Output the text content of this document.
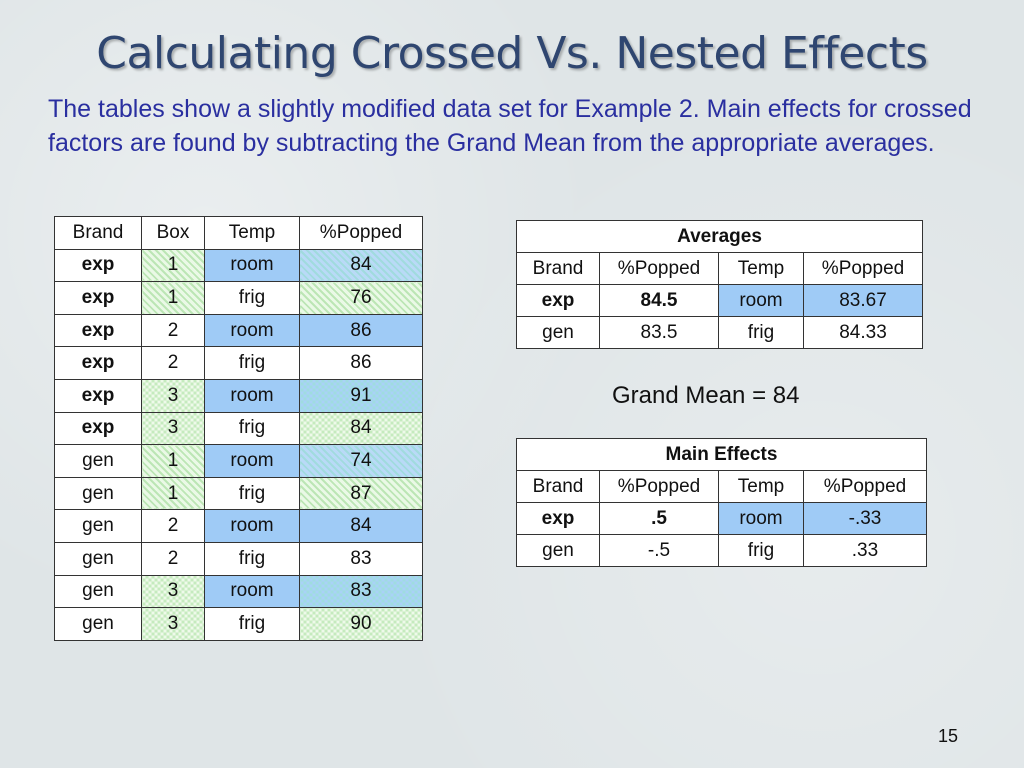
Calculating Crossed Vs. Nested Effects
The tables show a slightly modified data set for Example 2. Main effects for crossed factors are found by subtracting the Grand Mean from the appropriate averages.
Brand	Box	Temp	%Popped
exp	1	room	84
exp	1	frig	76
exp	2	room	86
exp	2	frig	86
exp	3	room	91
exp	3	frig	84
gen	1	room	74
gen	1	frig	87
gen	2	room	84
gen	2	frig	83
gen	3	room	83
gen	3	frig	90
Averages			
Brand	%Popped	Temp	%Popped
exp	84.5	room	83.67
gen	83.5	frig	84.33
Grand Mean = 84
Main Effects			
Brand	%Popped	Temp	%Popped
exp	.5	room	-.33
gen	-.5	frig	.33
15
